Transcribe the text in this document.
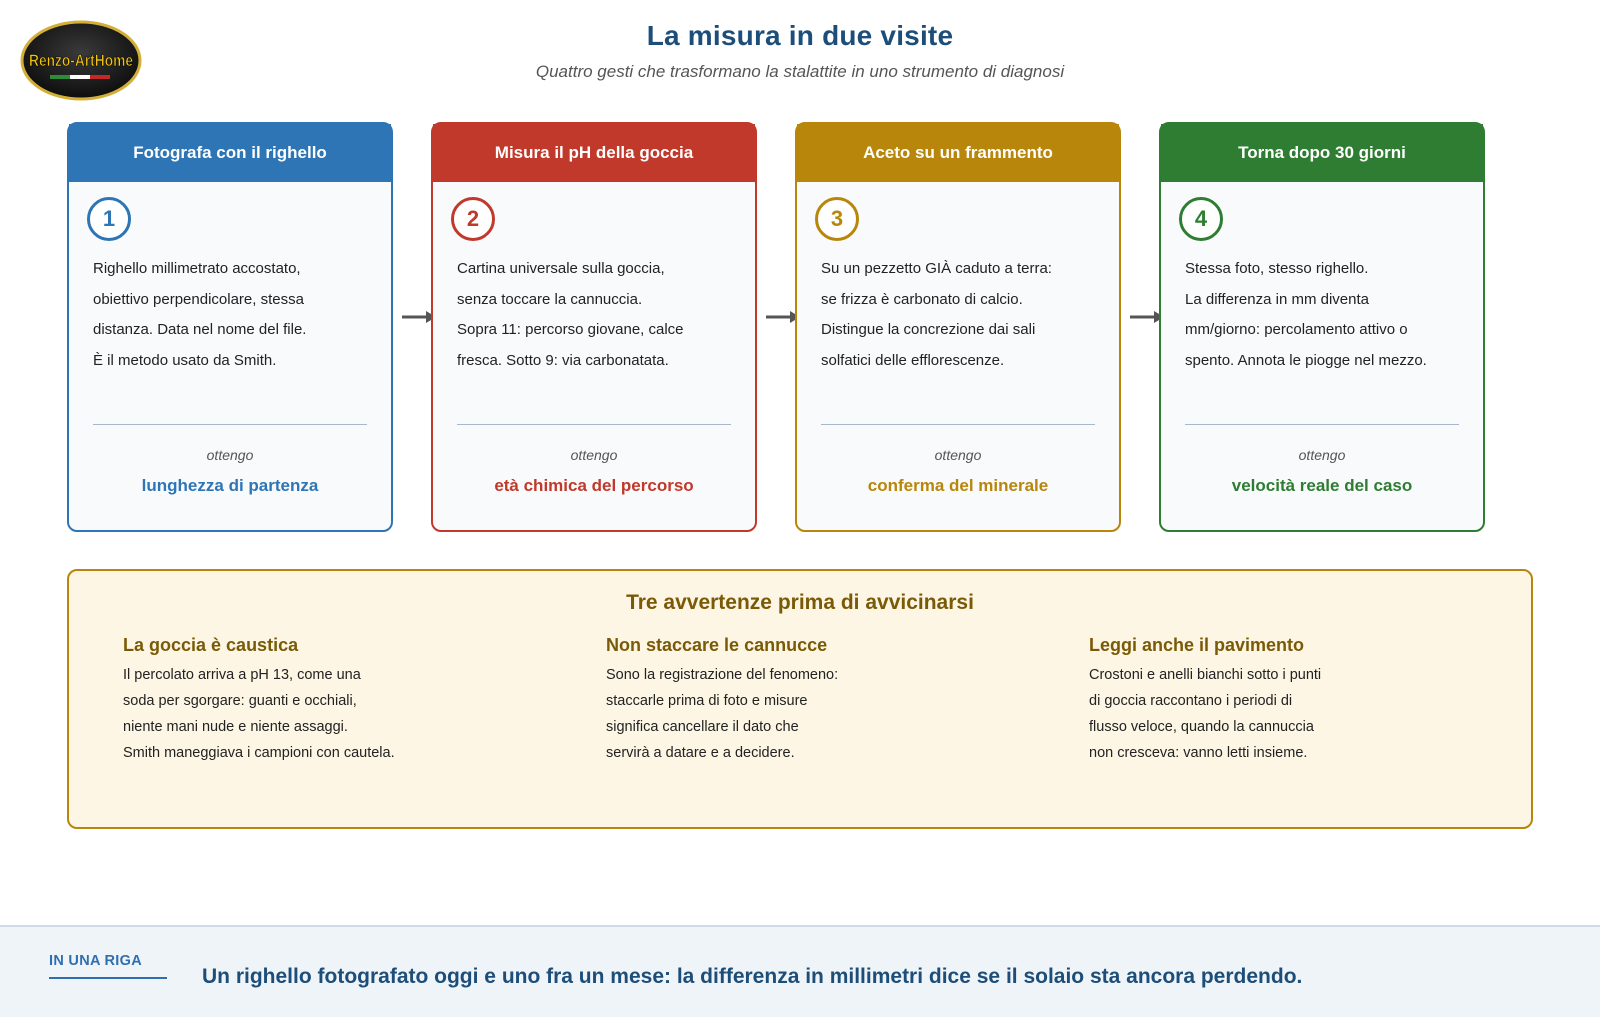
Renzo-ArtHome
La misura in due visite
Quattro gesti che trasformano la stalattite in uno strumento di diagnosi
Fotografa con il righello
1

Righello millimetrato accostato,

obiettivo perpendicolare, stessa

distanza. Data nel nome del file.

È il metodo usato da Smith.

ottengo
lunghezza di partenza
Misura il pH della goccia
2

Cartina universale sulla goccia,

senza toccare la cannuccia.

Sopra 11: percorso giovane, calce

fresca. Sotto 9: via carbonatata.

ottengo
età chimica del percorso
Aceto su un frammento
3

Su un pezzetto GIÀ caduto a terra:

se frizza è carbonato di calcio.

Distingue la concrezione dai sali

solfatici delle efflorescenze.

ottengo
conferma del minerale
Torna dopo 30 giorni
4

Stessa foto, stesso righello.

La differenza in mm diventa

mm/giorno: percolamento attivo o

spento. Annota le piogge nel mezzo.

ottengo
velocità reale del caso
Tre avvertenze prima di avvicinarsi
La goccia è caustica

Il percolato arriva a pH 13, come una
soda per sgorgare: guanti e occhiali,
niente mani nude e niente assaggi.
Smith maneggiava i campioni con cautela.

Non staccare le cannucce

Sono la registrazione del fenomeno:
staccarle prima di foto e misure
significa cancellare il dato che
servirà a datare e a decidere.

Leggi anche il pavimento

Crostoni e anelli bianchi sotto i punti
di goccia raccontano i periodi di
flusso veloce, quando la cannuccia
non cresceva: vanno letti insieme.

IN UNA RIGA
Un righello fotografato oggi e uno fra un mese: la differenza in millimetri dice se il solaio sta ancora perdendo.
